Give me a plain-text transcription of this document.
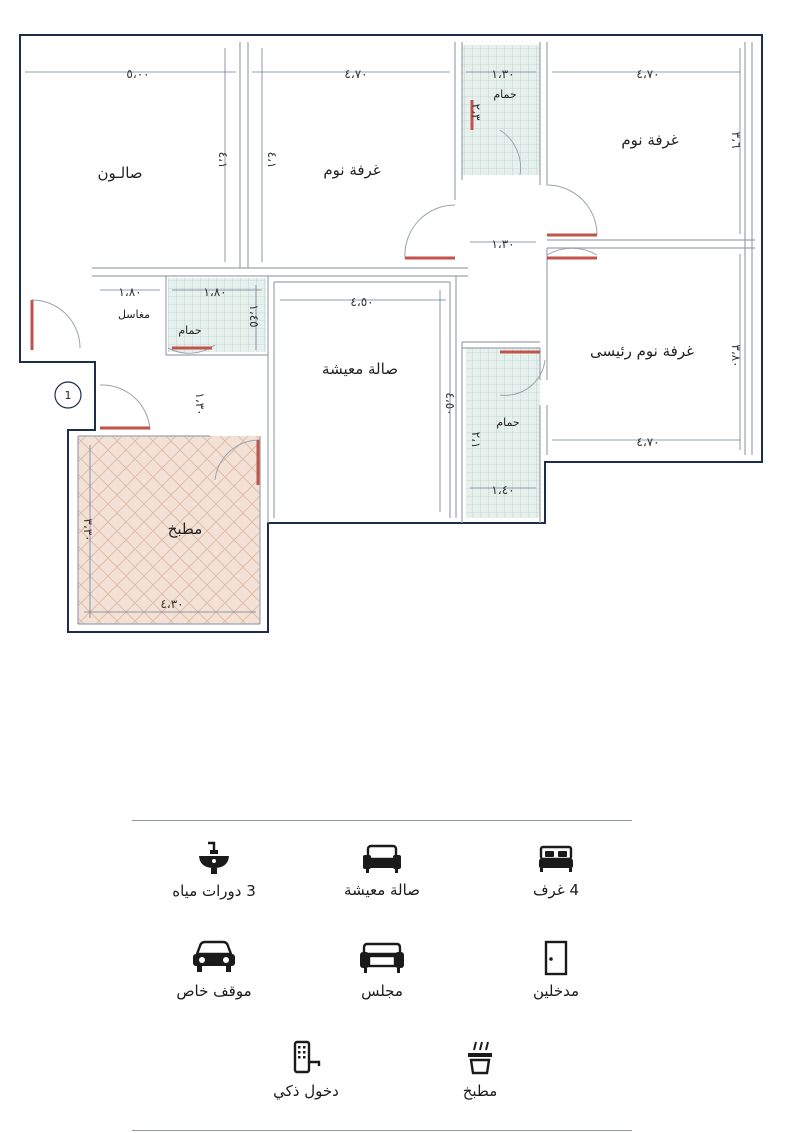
صالـون	غرفة نوم
غرفة نوم
غرفة نوم رئيسى
صالة معيشة
مطبخ
حمام
حمام
حمام
مغاسل
٥،٠٠	٤،٧٠	١،٣٠	٤،٧٠
١،٣٠
١،٨٠	١،٨٠
٤،٥٠
٤،٧٠
١،٤٠
٤،٣٠
٤،١	٤،١
٢،٣
٣،٦
١،٤٥
١،٣٠	٤،٥٠
٢،١
٣،٨٠
٣،٣٠
1
4 غرف
صالة معيشة
3 دورات مياه
مدخلين
مجلس
موقف خاص
مطبخ
دخول ذكي
